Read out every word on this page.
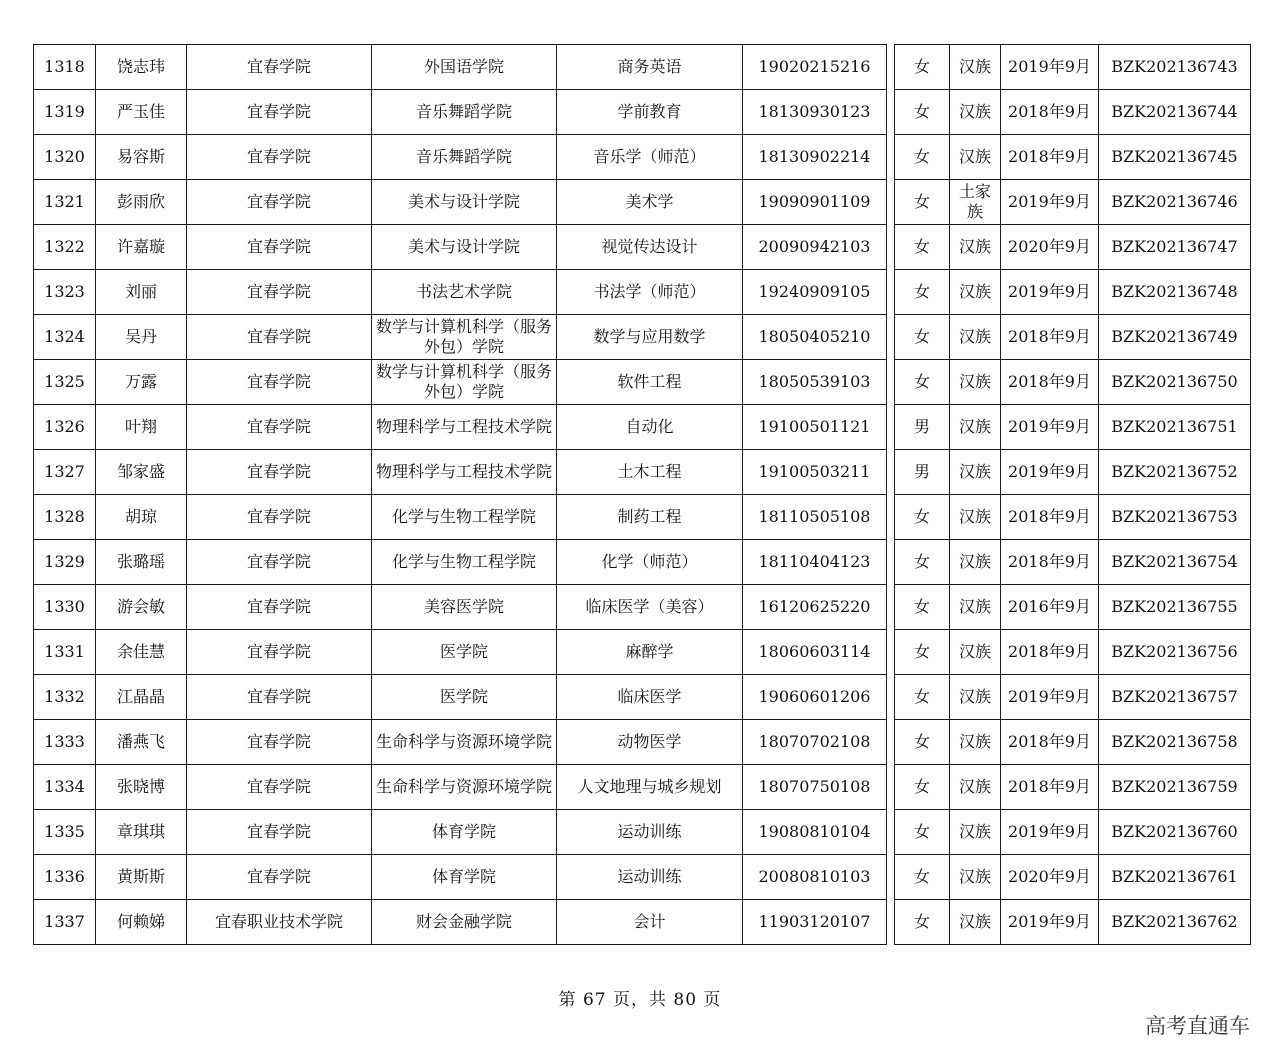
1318	饶志玮	宜春学院	外国语学院	商务英语	19020215216		女	汉族	2019年9月	BZK202136743
1319	严玉佳	宜春学院	音乐舞蹈学院	学前教育	18130930123		女	汉族	2018年9月	BZK202136744
1320	易容斯	宜春学院	音乐舞蹈学院	音乐学（师范）	18130902214		女	汉族	2018年9月	BZK202136745
1321	彭雨欣	宜春学院	美术与设计学院	美术学	19090901109		女	土家族	2019年9月	BZK202136746
1322	许嘉璇	宜春学院	美术与设计学院	视觉传达设计	20090942103		女	汉族	2020年9月	BZK202136747
1323	刘丽	宜春学院	书法艺术学院	书法学（师范）	19240909105		女	汉族	2019年9月	BZK202136748
1324	吴丹	宜春学院	数学与计算机科学（服务外包）学院	数学与应用数学	18050405210		女	汉族	2018年9月	BZK202136749
1325	万露	宜春学院	数学与计算机科学（服务外包）学院	软件工程	18050539103		女	汉族	2018年9月	BZK202136750
1326	叶翔	宜春学院	物理科学与工程技术学院	自动化	19100501121		男	汉族	2019年9月	BZK202136751
1327	邹家盛	宜春学院	物理科学与工程技术学院	土木工程	19100503211		男	汉族	2019年9月	BZK202136752
1328	胡琼	宜春学院	化学与生物工程学院	制药工程	18110505108		女	汉族	2018年9月	BZK202136753
1329	张璐瑶	宜春学院	化学与生物工程学院	化学（师范）	18110404123		女	汉族	2018年9月	BZK202136754
1330	游会敏	宜春学院	美容医学院	临床医学（美容）	16120625220		女	汉族	2016年9月	BZK202136755
1331	余佳慧	宜春学院	医学院	麻醉学	18060603114		女	汉族	2018年9月	BZK202136756
1332	江晶晶	宜春学院	医学院	临床医学	19060601206		女	汉族	2019年9月	BZK202136757
1333	潘燕飞	宜春学院	生命科学与资源环境学院	动物医学	18070702108		女	汉族	2018年9月	BZK202136758
1334	张晓博	宜春学院	生命科学与资源环境学院	人文地理与城乡规划	18070750108		女	汉族	2018年9月	BZK202136759
1335	章琪琪	宜春学院	体育学院	运动训练	19080810104		女	汉族	2019年9月	BZK202136760
1336	黄斯斯	宜春学院	体育学院	运动训练	20080810103		女	汉族	2020年9月	BZK202136761
1337	何赖娣	宜春职业技术学院	财会金融学院	会计	11903120107		女	汉族	2019年9月	BZK202136762
第 67 页，共 80 页
高考直通车
